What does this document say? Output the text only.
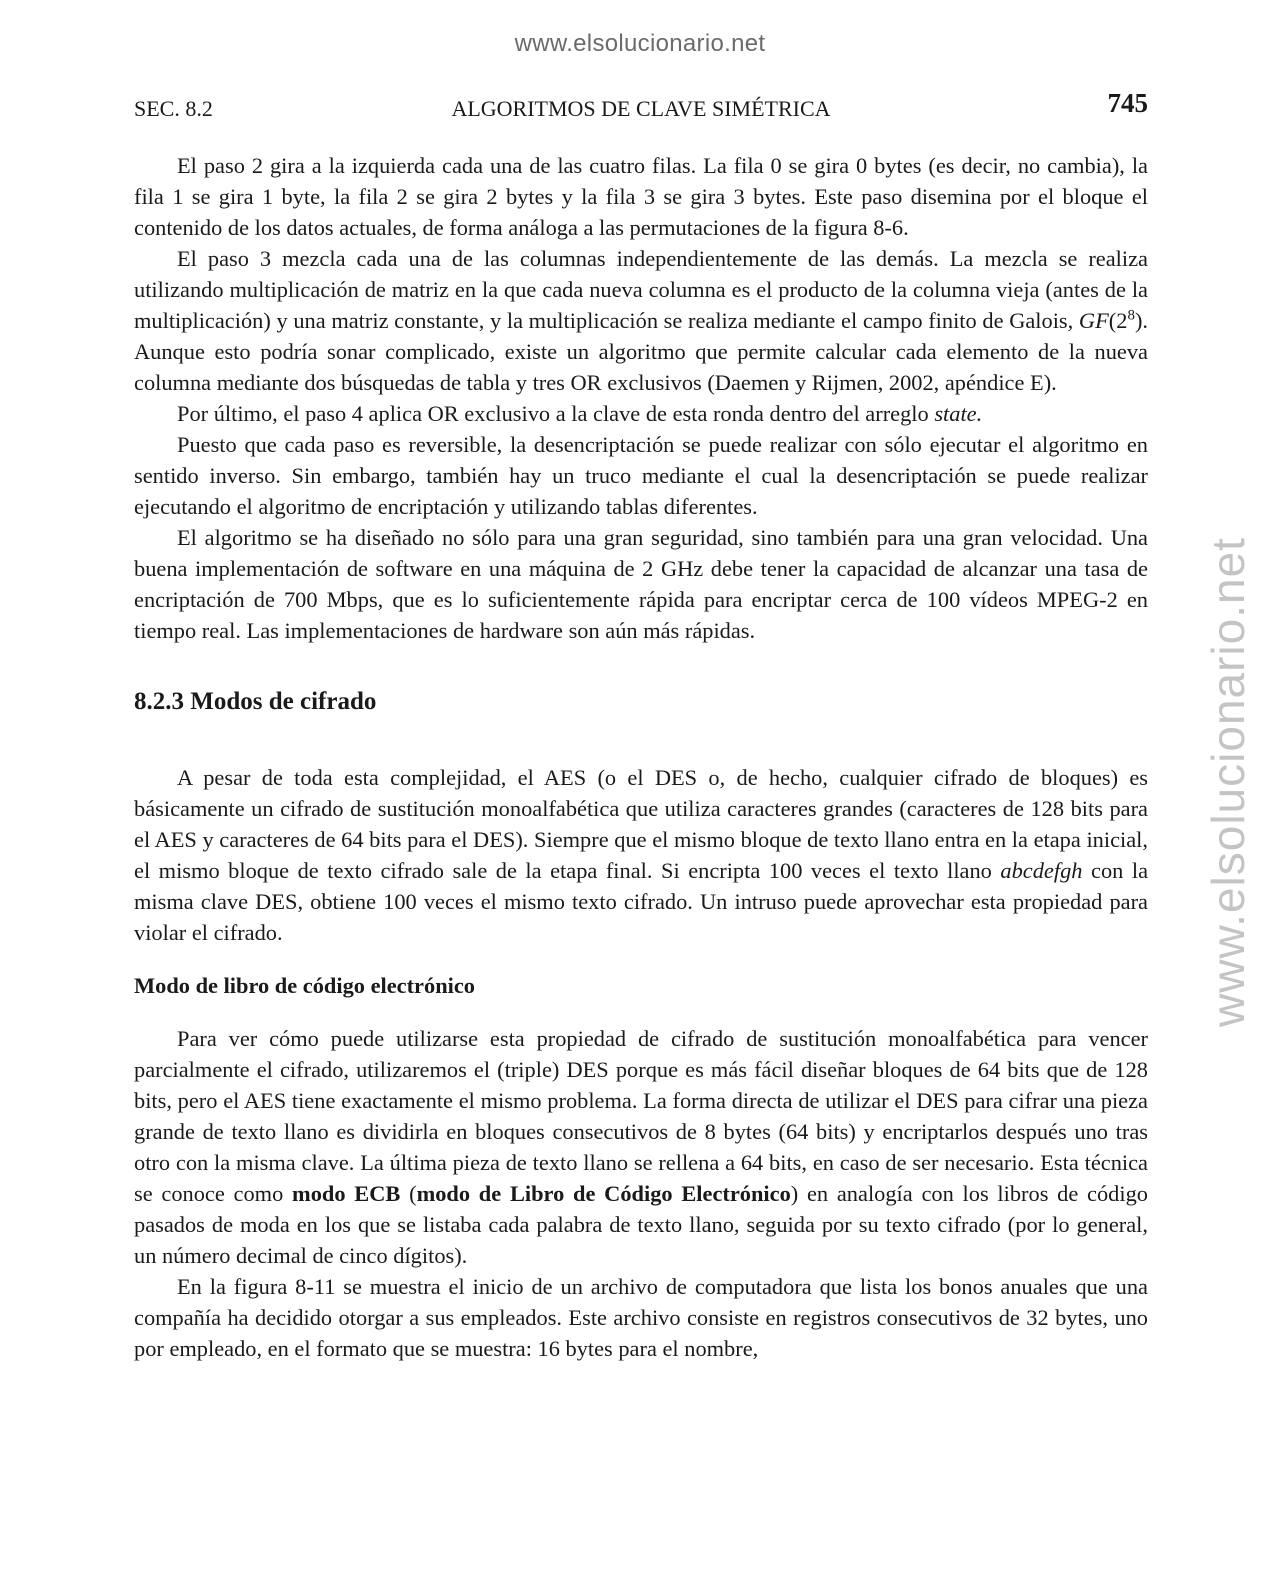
www.elsolucionario.net
www.elsolucionario.net
SEC. 8.2	ALGORITMOS DE CLAVE SIMÉTRICA	745

El paso 2 gira a la izquierda cada una de las cuatro filas. La fila 0 se gira 0 bytes (es decir, no cambia), la fila 1 se gira 1 byte, la fila 2 se gira 2 bytes y la fila 3 se gira 3 bytes. Este paso disemina por el bloque el contenido de los datos actuales, de forma análoga a las permutaciones de la figura 8-6.

El paso 3 mezcla cada una de las columnas independientemente de las demás. La mezcla se realiza utilizando multiplicación de matriz en la que cada nueva columna es el producto de la columna vieja (antes de la multiplicación) y una matriz constante, y la multiplicación se realiza mediante el campo finito de Galois, $GF(2^8)$. Aunque esto podría sonar complicado, existe un algoritmo que permite calcular cada elemento de la nueva columna mediante dos búsquedas de tabla y tres OR exclusivos (Daemen y Rijmen, 2002, apéndice E).

Por último, el paso 4 aplica OR exclusivo a la clave de esta ronda dentro del arreglo state.

Puesto que cada paso es reversible, la desencriptación se puede realizar con sólo ejecutar el algoritmo en sentido inverso. Sin embargo, también hay un truco mediante el cual la desencriptación se puede realizar ejecutando el algoritmo de encriptación y utilizando tablas diferentes.

El algoritmo se ha diseñado no sólo para una gran seguridad, sino también para una gran velocidad. Una buena implementación de software en una máquina de 2 GHz debe tener la capacidad de alcanzar una tasa de encriptación de 700 Mbps, que es lo suficientemente rápida para encriptar cerca de 100 vídeos MPEG-2 en tiempo real. Las implementaciones de hardware son aún más rápidas.

8.2.3 Modos de cifrado

A pesar de toda esta complejidad, el AES (o el DES o, de hecho, cualquier cifrado de bloques) es básicamente un cifrado de sustitución monoalfabética que utiliza caracteres grandes (caracteres de 128 bits para el AES y caracteres de 64 bits para el DES). Siempre que el mismo bloque de texto llano entra en la etapa inicial, el mismo bloque de texto cifrado sale de la etapa final. Si encripta 100 veces el texto llano abcdefgh con la misma clave DES, obtiene 100 veces el mismo texto cifrado. Un intruso puede aprovechar esta propiedad para violar el cifrado.

Modo de libro de código electrónico

Para ver cómo puede utilizarse esta propiedad de cifrado de sustitución monoalfabética para vencer parcialmente el cifrado, utilizaremos el (triple) DES porque es más fácil diseñar bloques de 64 bits que de 128 bits, pero el AES tiene exactamente el mismo problema. La forma directa de utilizar el DES para cifrar una pieza grande de texto llano es dividirla en bloques consecutivos de 8 bytes (64 bits) y encriptarlos después uno tras otro con la misma clave. La última pieza de texto llano se rellena a 64 bits, en caso de ser necesario. Esta técnica se conoce como modo ECB (modo de Libro de Código Electrónico) en analogía con los libros de código pasados de moda en los que se listaba cada palabra de texto llano, seguida por su texto cifrado (por lo general, un número decimal de cinco dígitos).

En la figura 8-11 se muestra el inicio de un archivo de computadora que lista los bonos anuales que una compañía ha decidido otorgar a sus empleados. Este archivo consiste en registros consecutivos de 32 bytes, uno por empleado, en el formato que se muestra: 16 bytes para el nombre,
